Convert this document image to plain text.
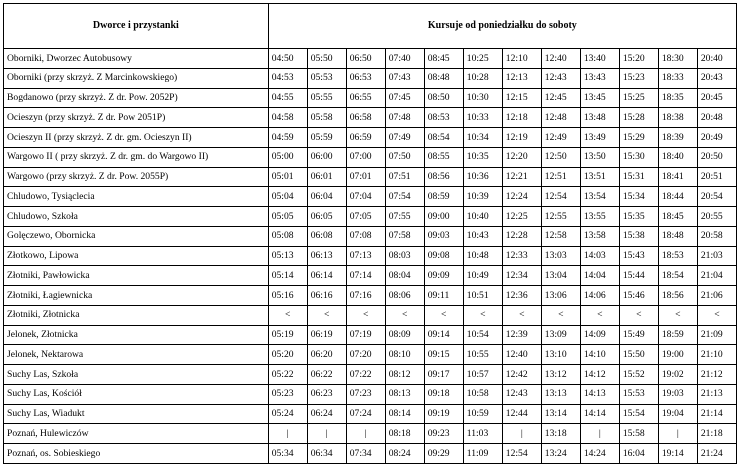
Dworce i przystanki	Kursuje od poniedziałku do soboty											
Oborniki, Dworzec Autobusowy	04:50	05:50	06:50	07:40	08:45	10:25	12:10	12:40	13:40	15:20	18:30	20:40
Oborniki (przy skrzyż. Z Marcinkowskiego)	04:53	05:53	06:53	07:43	08:48	10:28	12:13	12:43	13:43	15:23	18:33	20:43
Bogdanowo (przy skrzyż. Z dr. Pow. 2052P)	04:55	05:55	06:55	07:45	08:50	10:30	12:15	12:45	13:45	15:25	18:35	20:45
Ocieszyn (przy skrzyż. Z dr. Pow 2051P)	04:58	05:58	06:58	07:48	08:53	10:33	12:18	12:48	13:48	15:28	18:38	20:48
Ocieszyn II (przy skrzyż. Z dr. gm. Ocieszyn II)	04:59	05:59	06:59	07:49	08:54	10:34	12:19	12:49	13:49	15:29	18:39	20:49
Wargowo II ( przy skrzyż. Z dr. gm. do Wargowo II)	05:00	06:00	07:00	07:50	08:55	10:35	12:20	12:50	13:50	15:30	18:40	20:50
Wargowo (przy skrzyż. Z dr. Pow. 2055P)	05:01	06:01	07:01	07:51	08:56	10:36	12:21	12:51	13:51	15:31	18:41	20:51
Chludowo, Tysiąclecia	05:04	06:04	07:04	07:54	08:59	10:39	12:24	12:54	13:54	15:34	18:44	20:54
Chludowo, Szkoła	05:05	06:05	07:05	07:55	09:00	10:40	12:25	12:55	13:55	15:35	18:45	20:55
Golęczewo, Obornicka	05:08	06:08	07:08	07:58	09:03	10:43	12:28	12:58	13:58	15:38	18:48	20:58
Złotkowo, Lipowa	05:13	06:13	07:13	08:03	09:08	10:48	12:33	13:03	14:03	15:43	18:53	21:03
Złotniki, Pawłowicka	05:14	06:14	07:14	08:04	09:09	10:49	12:34	13:04	14:04	15:44	18:54	21:04
Złotniki, Łagiewnicka	05:16	06:16	07:16	08:06	09:11	10:51	12:36	13:06	14:06	15:46	18:56	21:06
Złotniki, Złotnicka	<	<	<	<	<	<	<	<	<	<	<	<
Jelonek, Złotnicka	05:19	06:19	07:19	08:09	09:14	10:54	12:39	13:09	14:09	15:49	18:59	21:09
Jelonek, Nektarowa	05:20	06:20	07:20	08:10	09:15	10:55	12:40	13:10	14:10	15:50	19:00	21:10
Suchy Las, Szkoła	05:22	06:22	07:22	08:12	09:17	10:57	12:42	13:12	14:12	15:52	19:02	21:12
Suchy Las, Kościół	05:23	06:23	07:23	08:13	09:18	10:58	12:43	13:13	14:13	15:53	19:03	21:13
Suchy Las, Wiadukt	05:24	06:24	07:24	08:14	09:19	10:59	12:44	13:14	14:14	15:54	19:04	21:14
Poznań, Hulewiczów	|	|	|	08:18	09:23	11:03	|	13:18	|	15:58	|	21:18
Poznań, os. Sobieskiego	05:34	06:34	07:34	08:24	09:29	11:09	12:54	13:24	14:24	16:04	19:14	21:24
